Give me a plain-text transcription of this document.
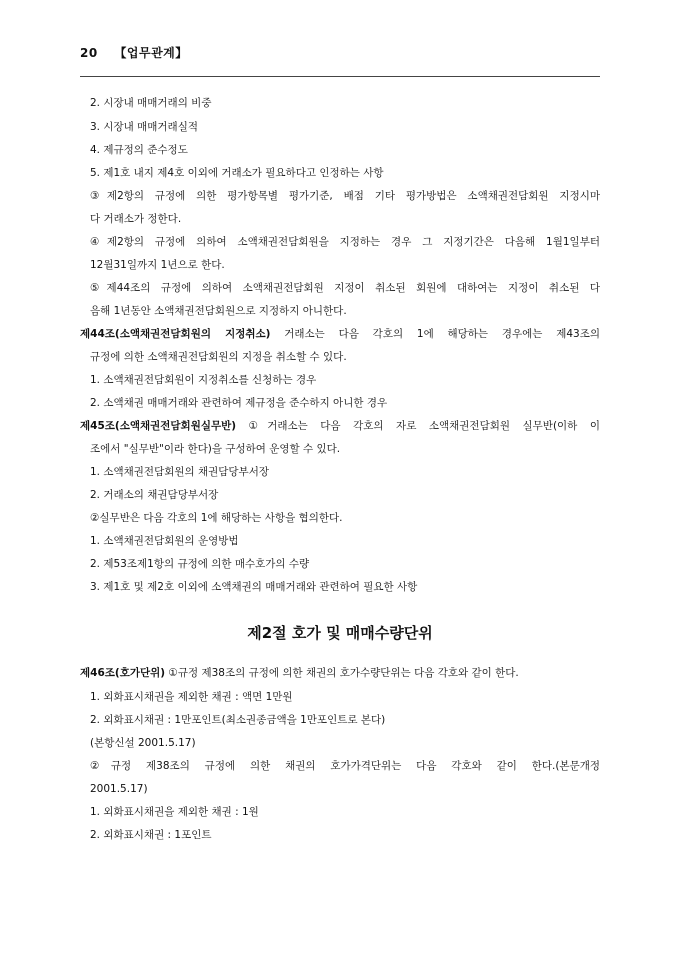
20 【업무관계】
2. 시장내 매매거래의 비중
3. 시장내 매매거래실적
4. 제규정의 준수정도
5. 제1호 내지 제4호 이외에 거래소가 필요하다고 인정하는 사항
③제2항의 규정에 의한 평가항목별 평가기준, 배점 기타 평가방법은 소액채권전담회원 지정시마
다 거래소가 정한다.
④제2항의 규정에 의하여 소액채권전담회원을 지정하는 경우 그 지정기간은 다음해 1월1일부터
12월31일까지 1년으로 한다.
⑤제44조의 규정에 의하여 소액채권전담회원 지정이 취소된 회원에 대하여는 지정이 취소된 다
음해 1년동안 소액채권전담회원으로 지정하지 아니한다.
제44조(소액채권전담회원의 지정취소) 거래소는 다음 각호의 1에 해당하는 경우에는 제43조의
규정에 의한 소액채권전담회원의 지정을 취소할 수 있다.
1. 소액채권전담회원이 지정취소를 신청하는 경우
2. 소액채권 매매거래와 관련하여 제규정을 준수하지 아니한 경우
제45조(소액채권전담회원실무반) ①거래소는 다음 각호의 자로 소액채권전담회원 실무반(이하 이
조에서 "실무반"이라 한다)을 구성하여 운영할 수 있다.
1. 소액채권전담회원의 채권담당부서장
2. 거래소의 채권담당부서장
②실무반은 다음 각호의 1에 해당하는 사항을 협의한다.
1. 소액채권전담회원의 운영방법
2. 제53조제1항의 규정에 의한 매수호가의 수량
3. 제1호 및 제2호 이외에 소액채권의 매매거래와 관련하여 필요한 사항
제2절 호가 및 매매수량단위
제46조(호가단위) ①규정 제38조의 규정에 의한 채권의 호가수량단위는 다음 각호와 같이 한다.
1. 외화표시채권을 제외한 채권 : 액면 1만원
2. 외화표시채권 : 1만포인트(최소권종금액을 1만포인트로 본다)
(본항신설 2001.5.17)
②규정 제38조의 규정에 의한 채권의 호가가격단위는 다음 각호와 같이 한다.(본문개정
2001.5.17)
1. 외화표시채권을 제외한 채권 : 1원
2. 외화표시채권 : 1포인트
